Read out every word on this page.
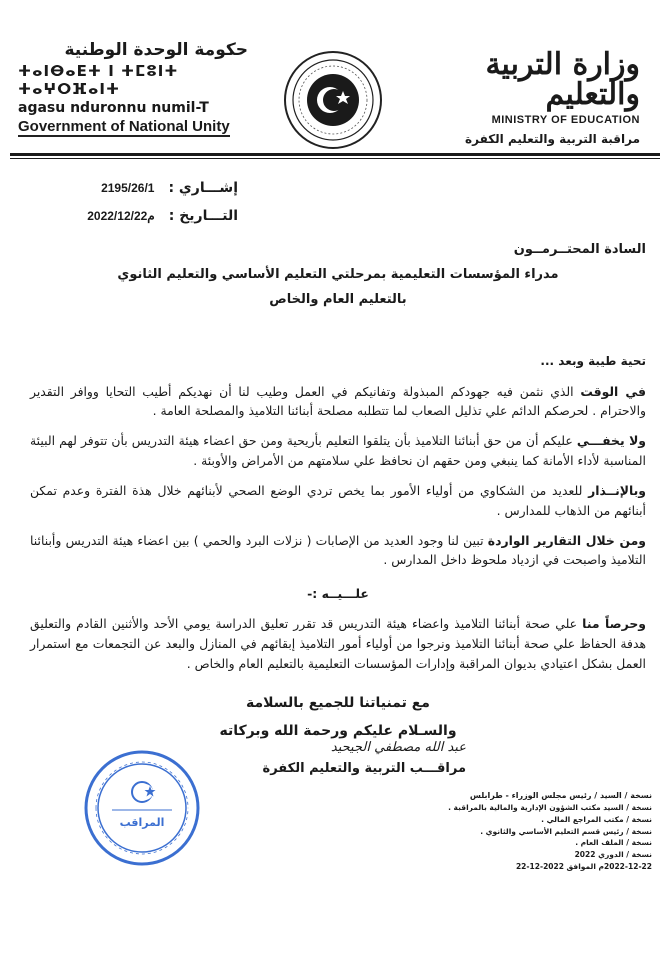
حكومة الوحدة الوطنية
ⵜⴰⵏⴱⴰⴹⵜ ⵏ ⵜⵎⵓⵏⵜ ⵜⴰⵖⵔⴼⴰⵏⵜ
agasu nduronnu numil-T
Government of National Unity
وزارة التربية والتعليم
MINISTRY OF EDUCATION
مراقبة التربية والتعليم الكفرة
إشـــاري :
2195/26/1
التـــاريخ :
2022/12/22م
السادة المحتــرمــون
مدراء المؤسسات التعليمية بمرحلتي التعليم الأساسي والتعليم الثانوي
بالتعليم العام والخاص
تحية طيبة وبعد ...
في الوقت الذي نثمن فيه جهودكم المبذولة وتفانيكم في العمل وطيب لنا أن نهديكم أطيب التحايا ووافر التقدير والاحترام . لحرصكم الدائم علي تذليل الصعاب لما تتطلبه مصلحة أبنائنا التلاميذ والمصلحة العامة .
ولا يخفـــي عليكم أن من حق أبنائنا التلاميذ بأن يتلقوا التعليم بأريحية ومن حق اعضاء هيئة التدريس بأن تتوفر لهم البيئة المناسبة لأداء الأمانة كما ينبغي ومن حقهم ان نحافظ علي سلامتهم من الأمراض والأوبئة .
وبالإنــذار للعديد من الشكاوي من أولياء الأمور بما يخص تردي الوضع الصحي لأبنائهم خلال هذة الفترة وعدم تمكن أبنائهم من الذهاب للمدارس .
ومن خلال التقارير الواردة تبين لنا وجود العديد من الإصابات ( نزلات البرد والحمي ) بين اعضاء هيئة التدريس وأبنائنا التلاميذ واصبحت في ازدياد ملحوظ داخل المدارس .
علـــيــه :-
وحرصاً منا علي صحة أبنائنا التلاميذ واعضاء هيئة التدريس قد تقرر تعليق الدراسة يومي الأحد والأثنين القادم والتعليق هدفة الحفاظ علي صحة أبنائنا التلاميذ ونرجوا من أولياء أمور التلاميذ إبقائهم في المنازل والبعد عن التجمعات مع استمرار العمل بشكل اعتيادي بديوان المراقبة وإدارات المؤسسات التعليمية بالتعليم العام والخاص .
مع تمنياتنا للجميع بالسلامة
والسـلام عليكم ورحمة الله وبركاته
عبد الله مصطفي الجيحيد
مراقـــب التربية والتعليم الكفرة
المراقب
نسخة / السيد / رئيس مجلس الوزراء - طرابلس
نسخة / السيد مكتب الشؤون الإدارية والمالية بالمراقبة .
نسخة / مكتب المراجع المالي .
نسخة / رئيس قسم التعليم الأساسي والثانوي .
نسخة / الملف العام .
نسخة / الدوري 2022
2022-12-22م الموافق 2022-12-22
